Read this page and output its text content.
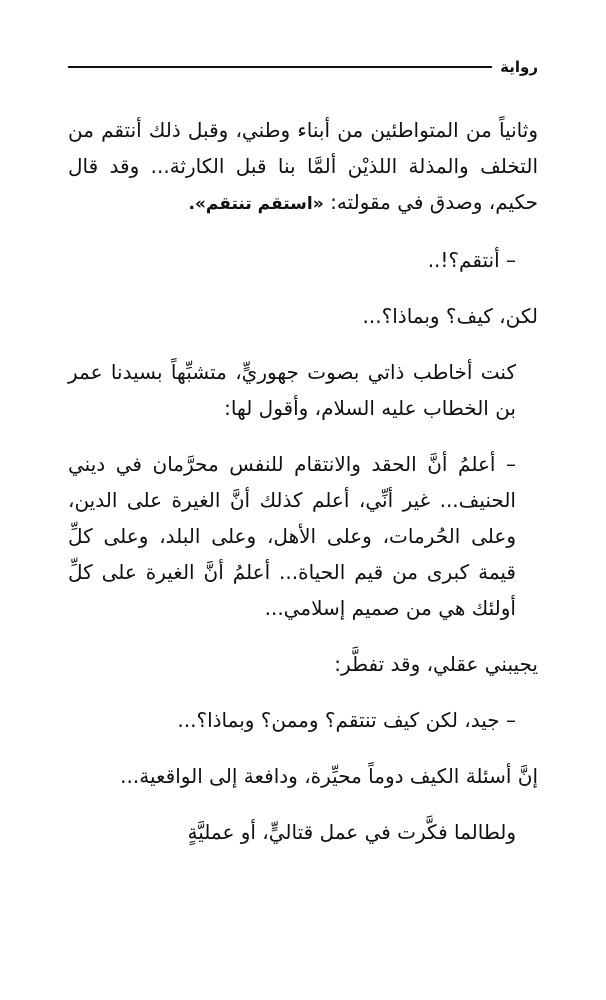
رواية

وثانياً من المتواطئين من أبناء وطني، وقبل ذلك أنتقم من التخلف والمذلة اللذيْن ألمَّا بنا قبل الكارثة... وقد قال حكيم، وصدق في مقولته: «استقم تنتقم».

– أنتقم؟!..

لكن، كيف؟ وبماذا؟...

كنت أخاطب ذاتي بصوت جهوريٍّ، متشبِّهاً بسيدنا عمر بن الخطاب عليه السلام، وأقول لها:

– أعلمُ أنَّ الحقد والانتقام للنفس محرَّمان في ديني الحنيف... غير أنِّي، أعلم كذلك أنَّ الغيرة على الدين، وعلى الحُرمات، وعلى الأهل، وعلى البلد، وعلى كلِّ قيمة كبرى من قيم الحياة... أعلمُ أنَّ الغيرة على كلِّ أولئك هي من صميم إسلامي...

يجيبني عقلي، وقد تفطَّر:

– جيد، لكن كيف تنتقم؟ وممن؟ وبماذا؟...

إنَّ أسئلة الكيف دوماً محيِّرة، ودافعة إلى الواقعية...

ولطالما فكَّرت في عمل قتاليٍّ، أو عمليَّةٍ
